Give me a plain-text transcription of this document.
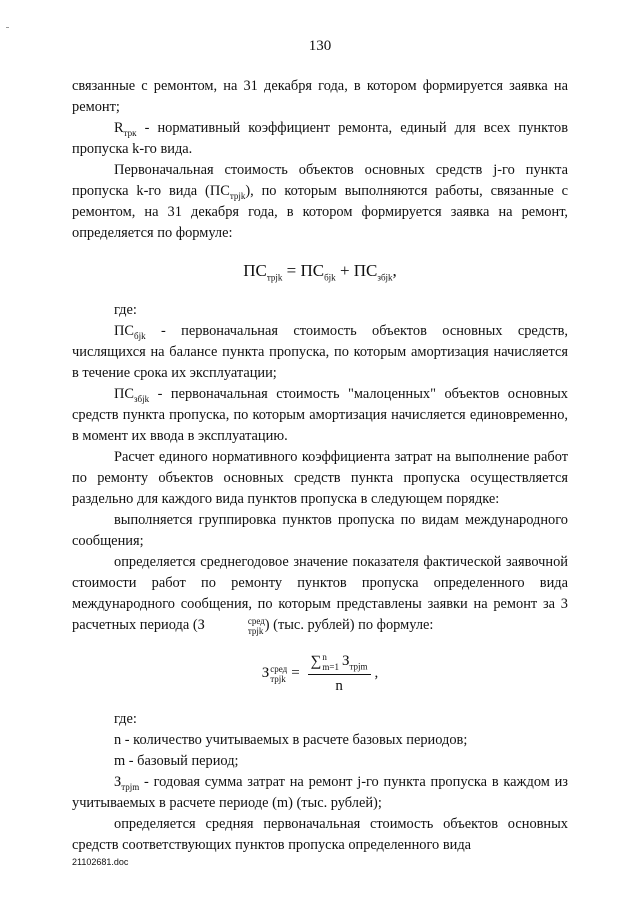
130

связанные с ремонтом, на 31 декабря года, в котором формируется заявка на ремонт;

$R_{трк}$ - нормативный коэффициент ремонта, единый для всех пунктов пропуска k-го вида.

Первоначальная стоимость объектов основных средств j-го пункта пропуска k-го вида $(ПС_{трjk})$, по которым выполняются работы, связанные с ремонтом, на 31 декабря года, в котором формируется заявка на ремонт, определяется по формуле:

$ПС_{трjk} = ПС_{бjk} + ПС_{збjk}$,

где:

$ПС_{бjk}$ - первоначальная стоимость объектов основных средств, числящихся на балансе пункта пропуска, по которым амортизация начисляется в течение срока их эксплуатации;

$ПС_{збjk}$ - первоначальная стоимость "малоценных" объектов основных средств пункта пропуска, по которым амортизация начисляется единовременно, в момент их ввода в эксплуатацию.

Расчет единого нормативного коэффициента затрат на выполнение работ по ремонту объектов основных средств пункта пропуска осуществляется раздельно для каждого вида пунктов пропуска в следующем порядке:

выполняется группировка пунктов пропуска по видам международного сообщения;

определяется среднегодовое значение показателя фактической заявочной стоимости работ по ремонту пунктов пропуска определенного вида международного сообщения, по которым представлены заявки на ремонт за 3 расчетных периода (З	сред
трjk ) (тыс. рублей) по формуле:

З сред
трjk = ∑ n
m=1 $З_{трjm}$
n ,

где:

n - количество учитываемых в расчете базовых периодов;

m - базовый период;

$З_{трjm}$ - годовая сумма затрат на ремонт j-го пункта пропуска в каждом из учитываемых в расчете периоде (m) (тыс. рублей);

определяется средняя первоначальная стоимость объектов основных средств соответствующих пунктов пропуска определенного вида

21102681.doc
